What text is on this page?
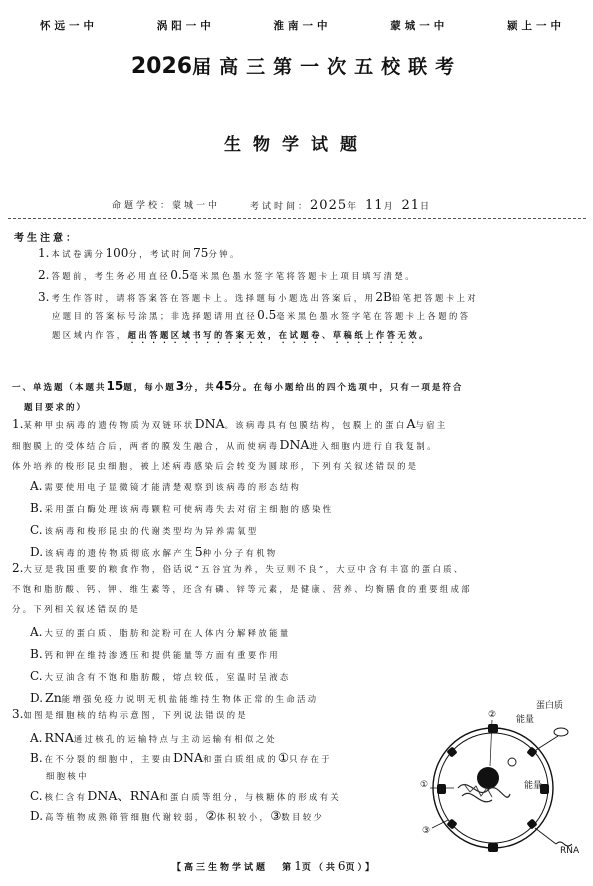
怀远一中	涡阳一中	淮南一中	蒙城一中	颍上一中
2026届高三第一次五校联考
生物学试题
命题学校：蒙城一中	考试时间：2025年 11月 21日
考生注意：
1. 本试卷满分100分，考试时间75分钟。
2. 答题前，考生务必用直径0.5毫米黑色墨水签字笔将答题卡上项目填写清楚。
3. 考生作答时，请将答案答在答题卡上。选择题每小题选出答案后，用2B铅笔把答题卡上对
应题目的答案标号涂黑；非选择题请用直径0.5毫米黑色墨水签字笔在答题卡上各题的答
题区域内作答，超出答题区域书写的答案无效，在试题卷、草稿纸上作答无效。
一、单选题（本题共15题，每小题3分，共45分。在每小题给出的四个选项中，只有一项是符合
题目要求的）
1.某种甲虫病毒的遗传物质为双链环状DNA。该病毒具有包膜结构，包膜上的蛋白A与宿主
细胞膜上的受体结合后，两者的膜发生融合，从而使病毒DNA进入细胞内进行自我复制。
体外培养的梭形昆虫细胞，被上述病毒感染后会转变为圆球形，下列有关叙述错误的是
A. 需要使用电子显微镜才能清楚观察到该病毒的形态结构
B. 采用蛋白酶处理该病毒颗粒可使病毒失去对宿主细胞的感染性
C. 该病毒和梭形昆虫的代谢类型均为异养需氧型
D. 该病毒的遗传物质彻底水解产生5种小分子有机物
2.大豆是我国重要的粮食作物，俗话说“五谷宜为养，失豆则不良”，大豆中含有丰富的蛋白质、
不饱和脂肪酸、钙、钾、维生素等，还含有磷、锌等元素，是健康、营养、均衡膳食的重要组成部
分。下列相关叙述错误的是
A. 大豆的蛋白质、脂肪和淀粉可在人体内分解释放能量
B. 钙和钾在维持渗透压和提供能量等方面有重要作用
C. 大豆油含有不饱和脂肪酸，熔点较低，室温时呈液态
D. Zn能增强免疫力说明无机盐能维持生物体正常的生命活动
3.如图是细胞核的结构示意图，下列说法错误的是
A. RNA通过核孔的运输特点与主动运输有相似之处
B. 在不分裂的细胞中，主要由DNA和蛋白质组成的①只存在于
细胞核中
C. 核仁含有DNA、RNA和蛋白质等组分，与核糖体的形成有关
D. 高等植物成熟筛管细胞代谢较弱，②体积较小，③数目较少
蛋白质
能量
能量
①
②
③
RNA
【高三生物学试题 第1页（共6页）】
